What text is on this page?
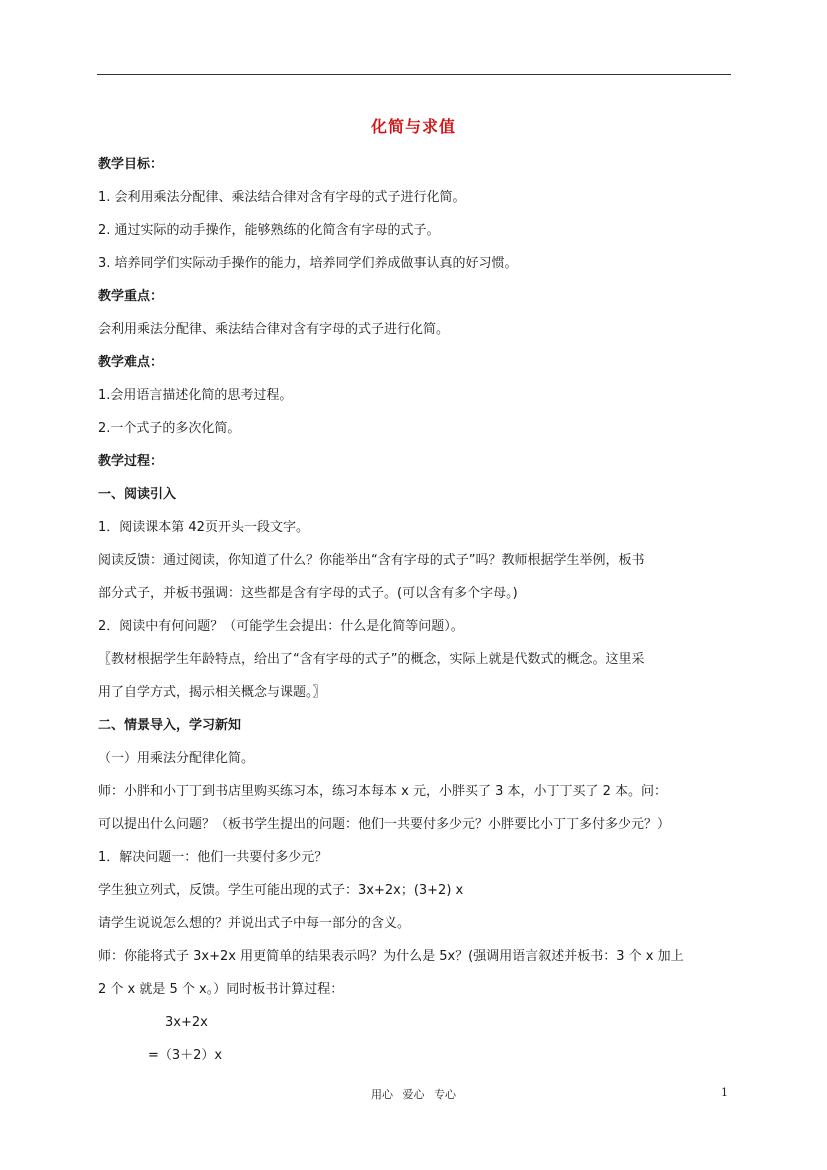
化简与求值

教学目标：

1. 会利用乘法分配律、乘法结合律对含有字母的式子进行化简。

2. 通过实际的动手操作，能够熟练的化简含有字母的式子。

3. 培养同学们实际动手操作的能力，培养同学们养成做事认真的好习惯。

教学重点：

会利用乘法分配律、乘法结合律对含有字母的式子进行化简。

教学难点：

1.会用语言描述化简的思考过程。

2.一个式子的多次化简。

教学过程：

一、阅读引入

1．阅读课本第 42页开头一段文字。

阅读反馈：通过阅读，你知道了什么？你能举出“含有字母的式子”吗？教师根据学生举例，板书

部分式子，并板书强调：这些都是含有字母的式子。(可以含有多个字母。)

2．阅读中有何问题？（可能学生会提出：什么是化简等问题）。

〖教材根据学生年龄特点，给出了“含有字母的式子”的概念，实际上就是代数式的概念。这里采

用了自学方式，揭示相关概念与课题。〗

二、情景导入，学习新知

（一）用乘法分配律化简。

师：小胖和小丁丁到书店里购买练习本，练习本每本 x 元，小胖买了 3 本，小丁丁买了 2 本。问：

可以提出什么问题？（板书学生提出的问题：他们一共要付多少元？小胖要比小丁丁多付多少元？）

1．解决问题一：他们一共要付多少元？

学生独立列式，反馈。学生可能出现的式子：3x+2x；(3+2) x

请学生说说怎么想的？并说出式子中每一部分的含义。

师：你能将式子 3x+2x 用更简单的结果表示吗？为什么是 5x？(强调用语言叙述并板书：3 个 x 加上

2 个 x 就是 5 个 x。）同时板书计算过程：

3x+2x

=（3＋2）x

用心 爱心 专心	1
